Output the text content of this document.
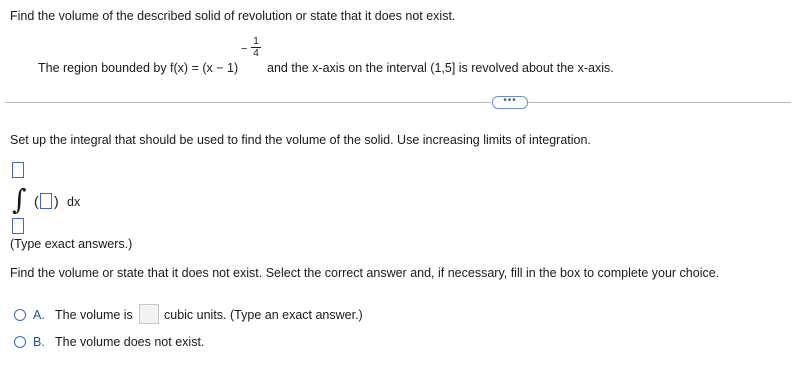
Find the volume of the described solid of revolution or state that it does not exist.
The region bounded by f(x) = (x − 1)
−
1
4
and the x-axis on the interval (1,5] is revolved about the x-axis.
•••
Set up the integral that should be used to find the volume of the solid. Use increasing limits of integration.
∫ ( ) dx
(Type exact answers.)
Find the volume or state that it does not exist. Select the correct answer and, if necessary, fill in the box to complete your choice.
A. The volume is cubic units. (Type an exact answer.)
B. The volume does not exist.
